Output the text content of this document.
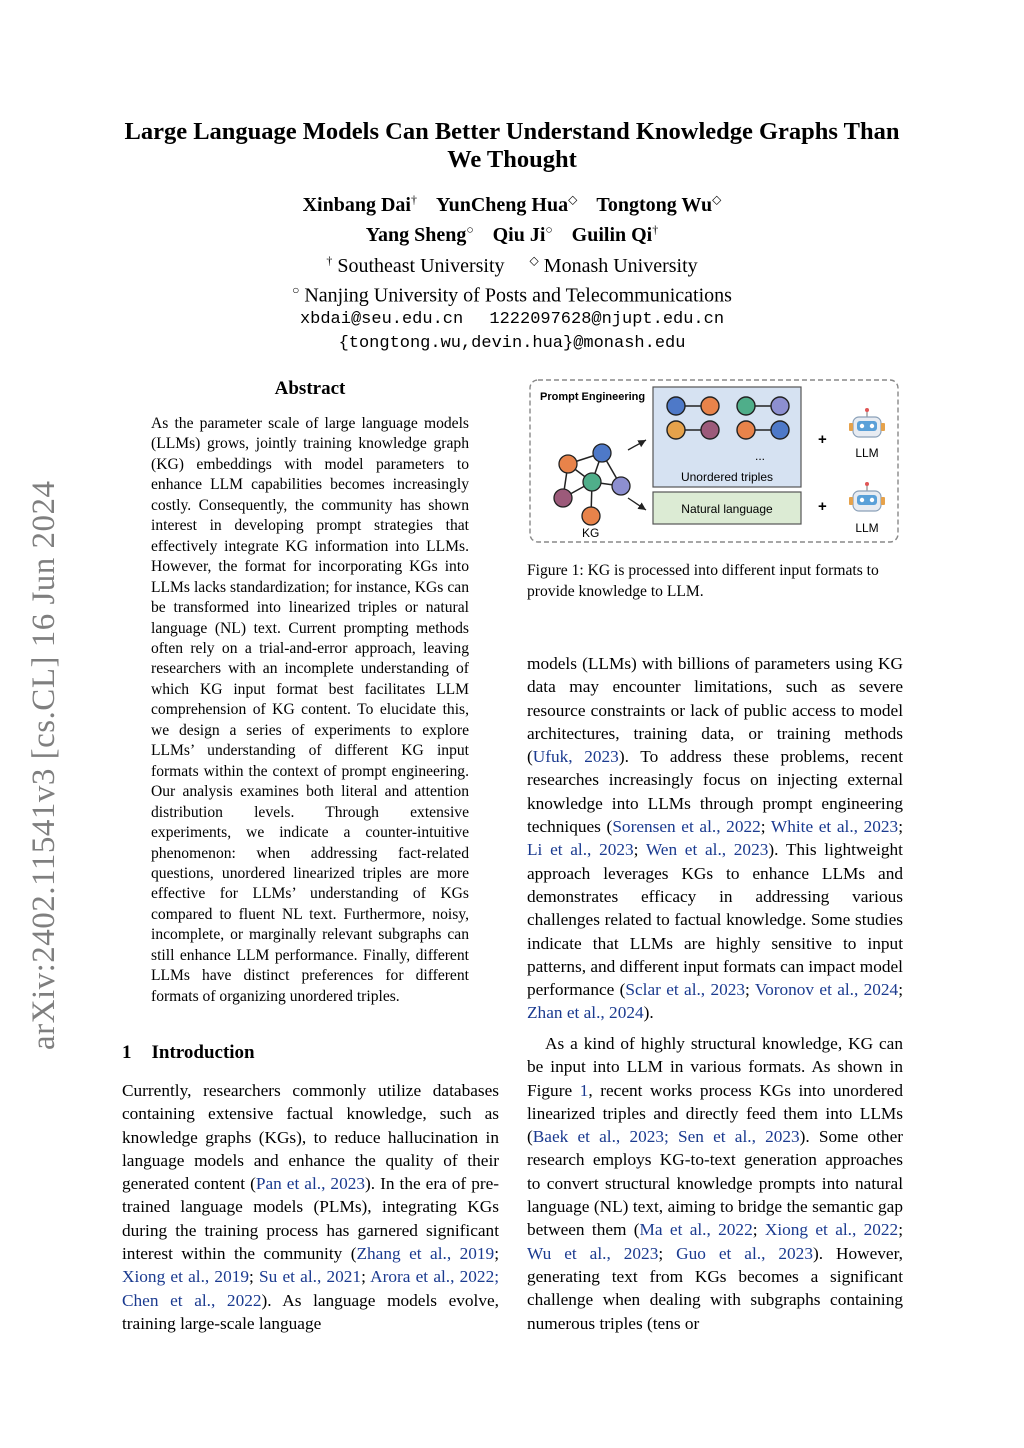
arXiv:2402.11541v3 [cs.CL] 16 Jun 2024
Large Language Models Can Better Understand Knowledge Graphs Than We Thought
Xinbang Dai† YunCheng Hua◇ Tongtong Wu◇
Yang Sheng○ Qiu Ji○ Guilin Qi†
† Southeast University ◇ Monash University
○ Nanjing University of Posts and Telecommunications
xbdai@seu.edu.cn 1222097628@njupt.edu.cn
{tongtong.wu,devin.hua}@monash.edu
Abstract
As the parameter scale of large language models (LLMs) grows, jointly training knowledge graph (KG) embeddings with model parameters to enhance LLM capabilities becomes increasingly costly. Consequently, the community has shown interest in developing prompt strategies that effectively integrate KG information into LLMs. However, the format for incorporating KGs into LLMs lacks standardization; for instance, KGs can be transformed into linearized triples or natural language (NL) text. Current prompting methods often rely on a trial-and-error approach, leaving researchers with an incomplete understanding of which KG input format best facilitates LLM comprehension of KG content. To elucidate this, we design a series of experiments to explore LLMs’ understanding of different KG input formats within the context of prompt engineering. Our analysis examines both literal and attention distribution levels. Through extensive experiments, we indicate a counter-intuitive phenomenon: when addressing fact-related questions, unordered linearized triples are more effective for LLMs’ understanding of KGs compared to fluent NL text. Furthermore, noisy, incomplete, or marginally relevant subgraphs can still enhance LLM performance. Finally, different LLMs have distinct preferences for different formats of organizing unordered triples.
1 Introduction
Currently, researchers commonly utilize databases containing extensive factual knowledge, such as knowledge graphs (KGs), to reduce hallucination in language models and enhance the quality of their generated content (Pan et al., 2023). In the era of pre-trained language models (PLMs), integrating KGs during the training process has garnered significant interest within the community (Zhang et al., 2019; Xiong et al., 2019; Su et al., 2021; Arora et al., 2022; Chen et al., 2022). As language models evolve, training large-scale language
models (LLMs) with billions of parameters using KG data may encounter limitations, such as severe resource constraints or lack of public access to model architectures, training data, or training methods (Ufuk, 2023). To address these problems, recent researches increasingly focus on injecting external knowledge into LLMs through prompt engineering techniques (Sorensen et al., 2022; White et al., 2023; Li et al., 2023; Wen et al., 2023). This lightweight approach leverages KGs to enhance LLMs and demonstrates efficacy in addressing various challenges related to factual knowledge. Some studies indicate that LLMs are highly sensitive to input patterns, and different input formats can impact model performance (Sclar et al., 2023; Voronov et al., 2024; Zhan et al., 2024).
As a kind of highly structural knowledge, KG can be input into LLM in various formats. As shown in Figure 1, recent works process KGs into unordered linearized triples and directly feed them into LLMs (Baek et al., 2023; Sen et al., 2023). Some other research employs KG-to-text generation approaches to convert structural knowledge prompts into natural language (NL) text, aiming to bridge the semantic gap between them (Ma et al., 2022; Xiong et al., 2022; Wu et al., 2023; Guo et al., 2023). However, generating text from KGs becomes a significant challenge when dealing with subgraphs containing numerous triples (tens or
Prompt Engineering
KG
...
Unordered triples
Natural language
+
+
LLM
LLM
Figure 1: KG is processed into different input formats to provide knowledge to LLM.
